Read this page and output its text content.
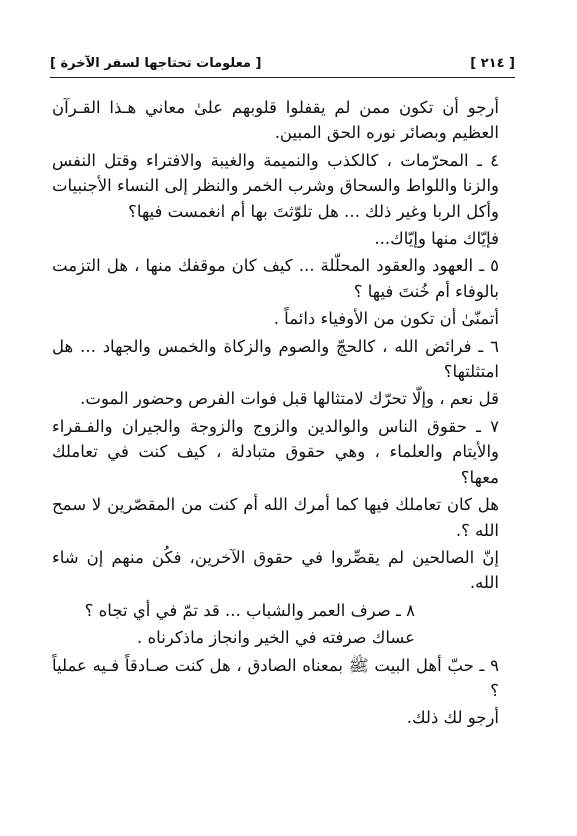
[ ٢١٤ ]
[ معلومات تحتاجها لسفر الآخرة ]

أرجو أن تكون ممن لم يقفلوا قلوبهم علىٰ معاني هـذا القـرآن العظيم وبصائر نوره الحق المبين.

٤ ـ المحرّمات ، كالكذب والنميمة والغيبة والافتراء وقتل النفس والزنا واللواط والسحاق وشرب الخمر والنظر إلى النساء الأجنبيات وأكل الربا وغير ذلك ... هل تلوّثتَ بها أم انغمست فيها؟

فإيّاك منها وإيّاك...

٥ ـ العهود والعقود المحلّلة ... كيف كان موقفك منها ، هل التزمت بالوفاء أم خُنتَ فيها ؟

أتمنّىٰ أن تكون من الأوفياء دائماً .

٦ ـ فرائض الله ، كالحجّ والصوم والزكاة والخمس والجهاد ... هل امتثلتها؟

قل نعم ، وإلّا تحرّك لامتثالها قبل فوات الفرص وحضور الموت.

٧ ـ حقوق الناس والوالدين والزوج والزوجة والجيران والفـقراء والأيتام والعلماء ، وهي حقوق متبادلة ، كيف كنت في تعاملك معها؟

هل كان تعاملك فيها كما أمرك الله أم كنت من المقصّرين لا سمح الله ؟.

إنّ الصالحين لم يقصِّروا في حقوق الآخرين، فكُن منهم إن شاء الله.

٨ ـ صرف العمر والشباب ... قد تمّ في أي تجاه ؟

عساك صرفته في الخير وانجاز ماذكرناه .

٩ ـ حبّ أهل البيت ﷺ بمعناه الصادق ، هل كنت صـادقاً فـيه عملياً ؟

أرجو لك ذلك.
